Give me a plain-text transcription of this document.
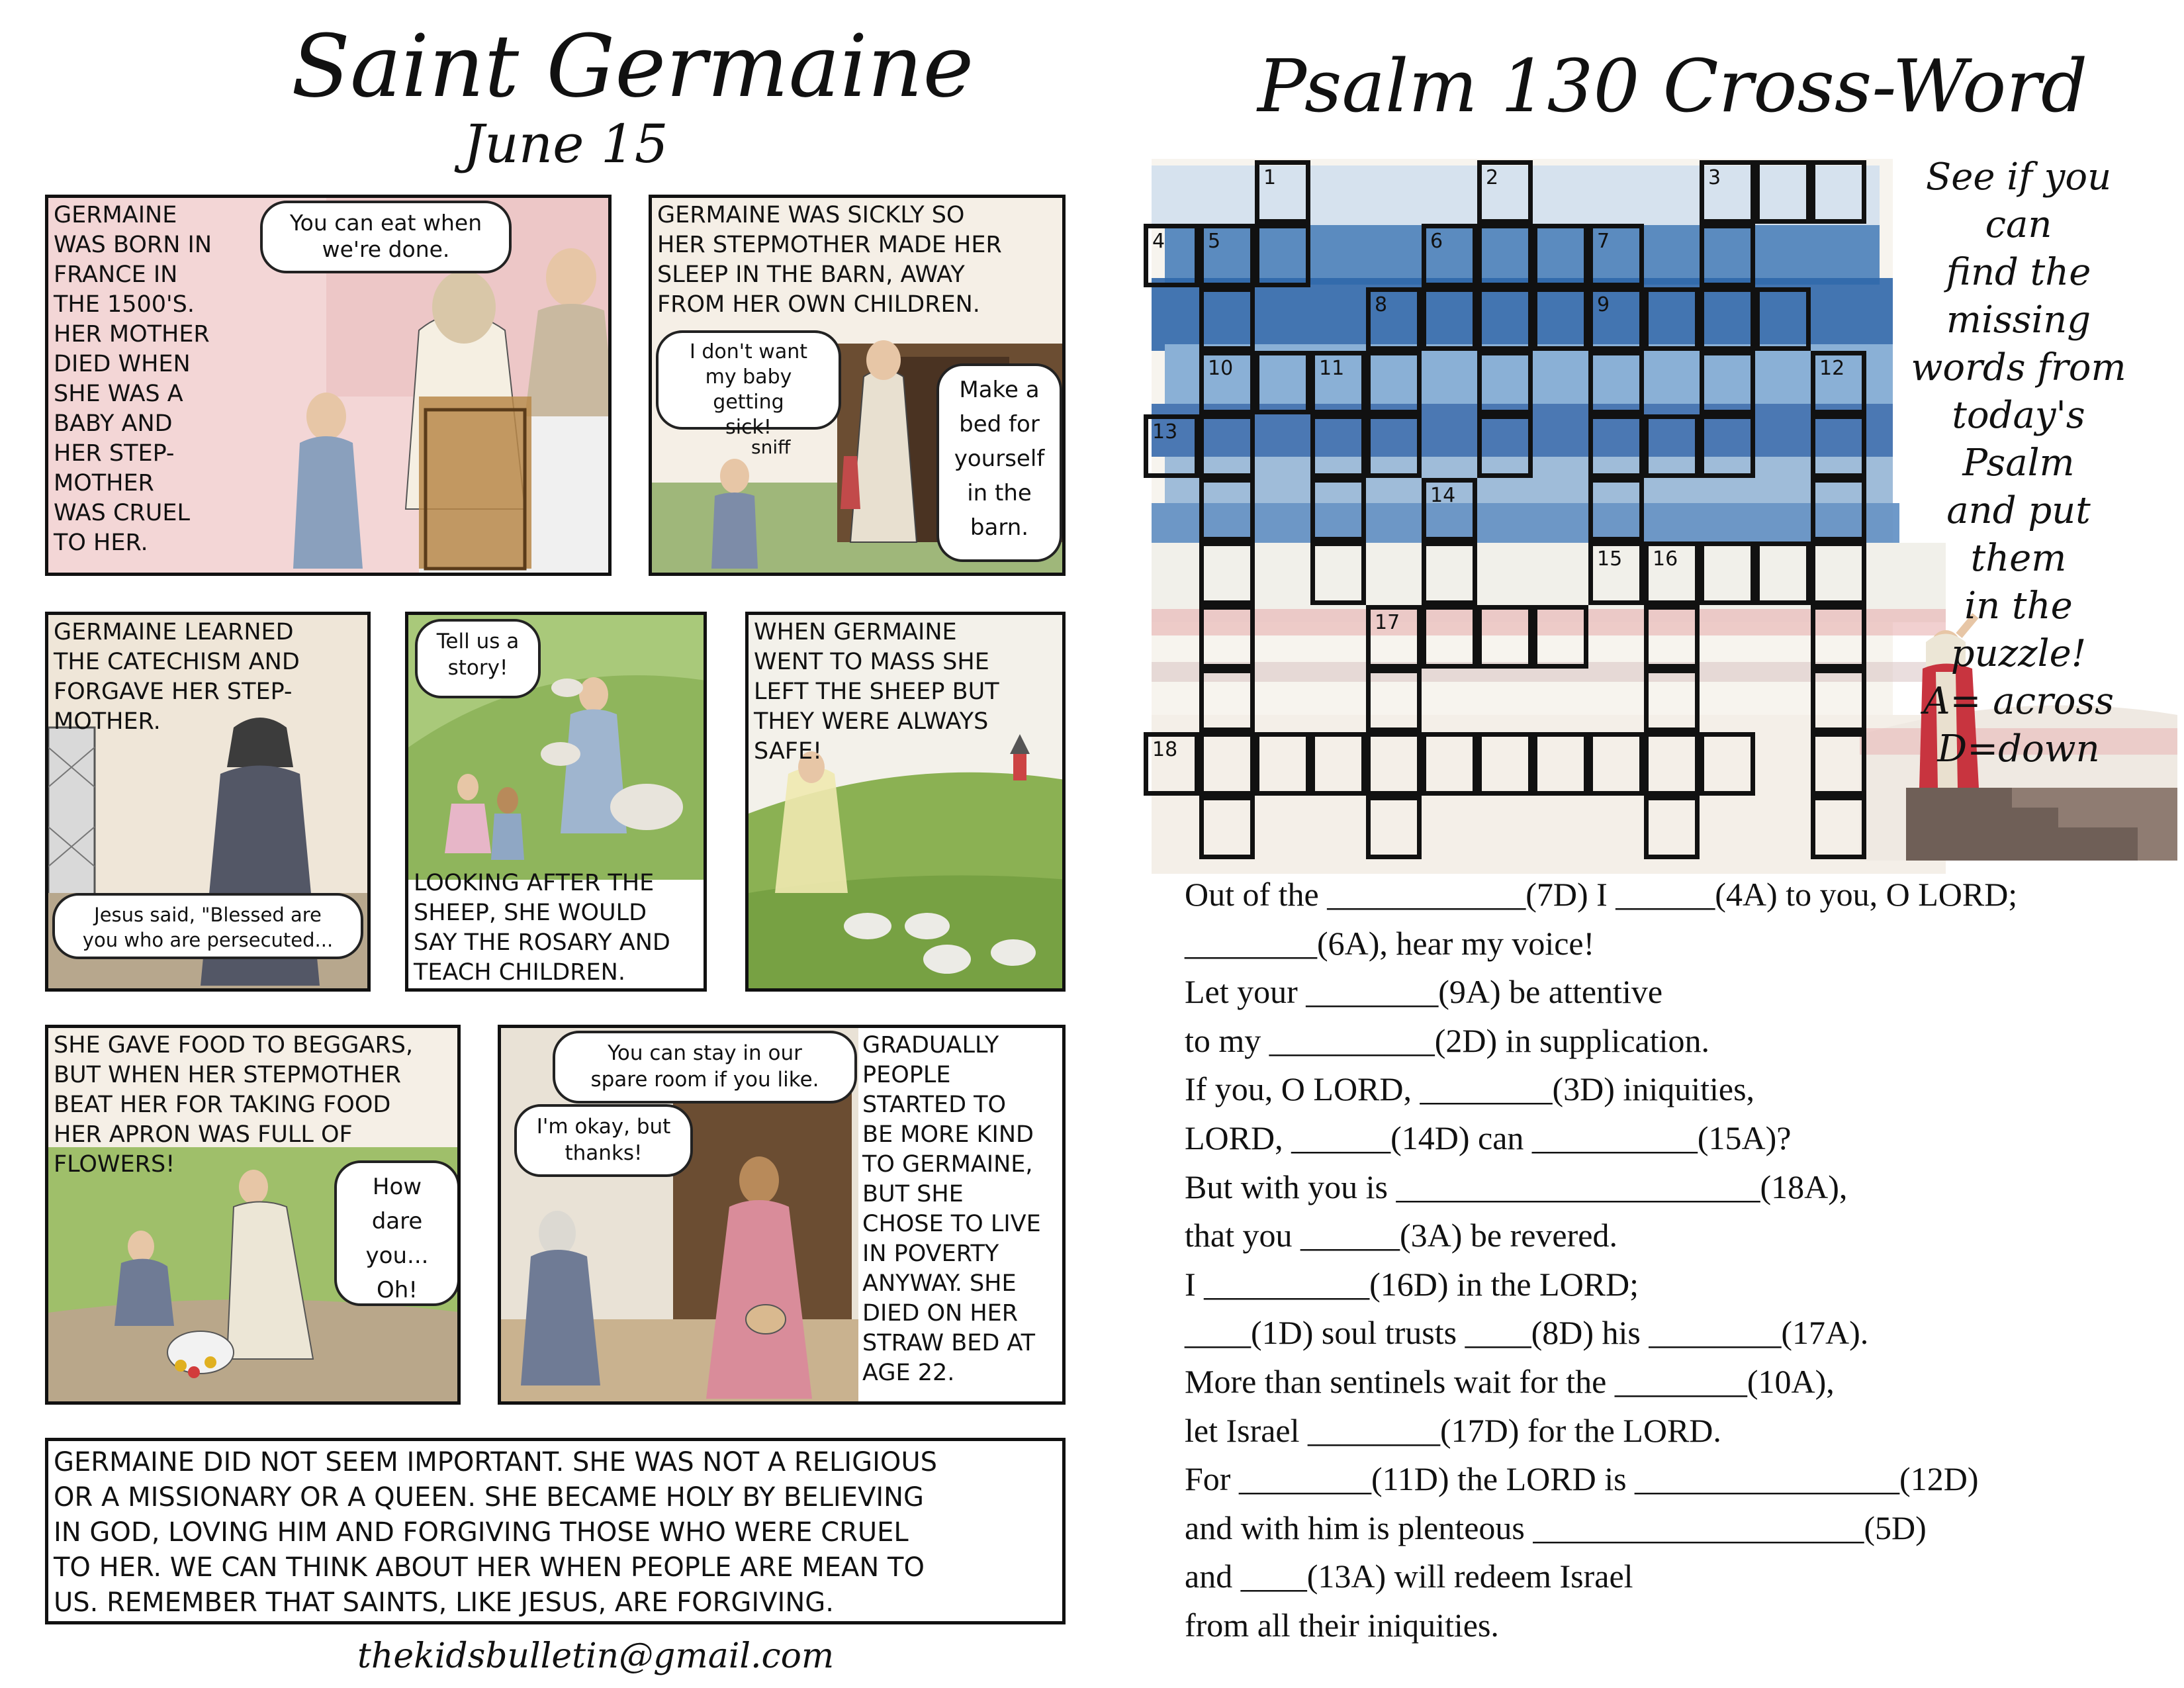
Saint Germaine
June 15
GERMAINE
WAS BORN IN
FRANCE IN
THE 1500'S.
HER MOTHER
DIED WHEN
SHE WAS A
BABY AND
HER STEP-
MOTHER
WAS CRUEL
TO HER.
You can eat when
we're done.
GERMAINE WAS SICKLY SO
HER STEPMOTHER MADE HER
SLEEP IN THE BARN, AWAY
FROM HER OWN CHILDREN.
I don't want
my baby getting
sick!
sniff
Make a
bed for
yourself
in the
barn.
GERMAINE LEARNED
THE CATECHISM AND
FORGAVE HER STEP-
MOTHER.
Jesus said, "Blessed are
you who are persecuted...
Tell us a
story!
LOOKING AFTER THE
SHEEP, SHE WOULD
SAY THE ROSARY AND
TEACH CHILDREN.
WHEN GERMAINE
WENT TO MASS SHE
LEFT THE SHEEP BUT
THEY WERE ALWAYS
SAFE!
SHE GAVE FOOD TO BEGGARS,
BUT WHEN HER STEPMOTHER
BEAT HER FOR TAKING FOOD
HER APRON WAS FULL OF
FLOWERS!
How dare
you...
Oh!
You can stay in our
spare room if you like.
I'm okay, but
thanks!
GRADUALLY
PEOPLE
STARTED TO
BE MORE KIND
TO GERMAINE,
BUT SHE
CHOSE TO LIVE
IN POVERTY
ANYWAY. SHE
DIED ON HER
STRAW BED AT
AGE 22.
GERMAINE DID NOT SEEM IMPORTANT. SHE WAS NOT A RELIGIOUS
OR A MISSIONARY OR A QUEEN. SHE BECAME HOLY BY BELIEVING
IN GOD, LOVING HIM AND FORGIVING THOSE WHO WERE CRUEL
TO HER. WE CAN THINK ABOUT HER WHEN PEOPLE ARE MEAN TO
US. REMEMBER THAT SAINTS, LIKE JESUS, ARE FORGIVING.
thekidsbulletin@gmail.com
Psalm 130 Cross-Word
See if you can
find the
missing
words from
today's Psalm
and put them
in the puzzle!
A= across
D=down
1	2	3
4 5	6	7
8	9
10	11	12
13
14
15 16
17
18
Out of the ____________(7D) I ______(4A) to you, O LORD;
________(6A), hear my voice!
Let your ________(9A) be attentive
to my __________(2D) in supplication.
If you, O LORD, ________(3D) iniquities,
LORD, ______(14D) can __________(15A)?
But with you is ______________________(18A),
that you ______(3A) be revered.
I __________(16D) in the LORD;
____(1D) soul trusts ____(8D) his ________(17A).
More than sentinels wait for the ________(10A),
let Israel ________(17D) for the LORD.
For ________(11D) the LORD is ________________(12D)
and with him is plenteous ____________________(5D)
and ____(13A) will redeem Israel
from all their iniquities.
